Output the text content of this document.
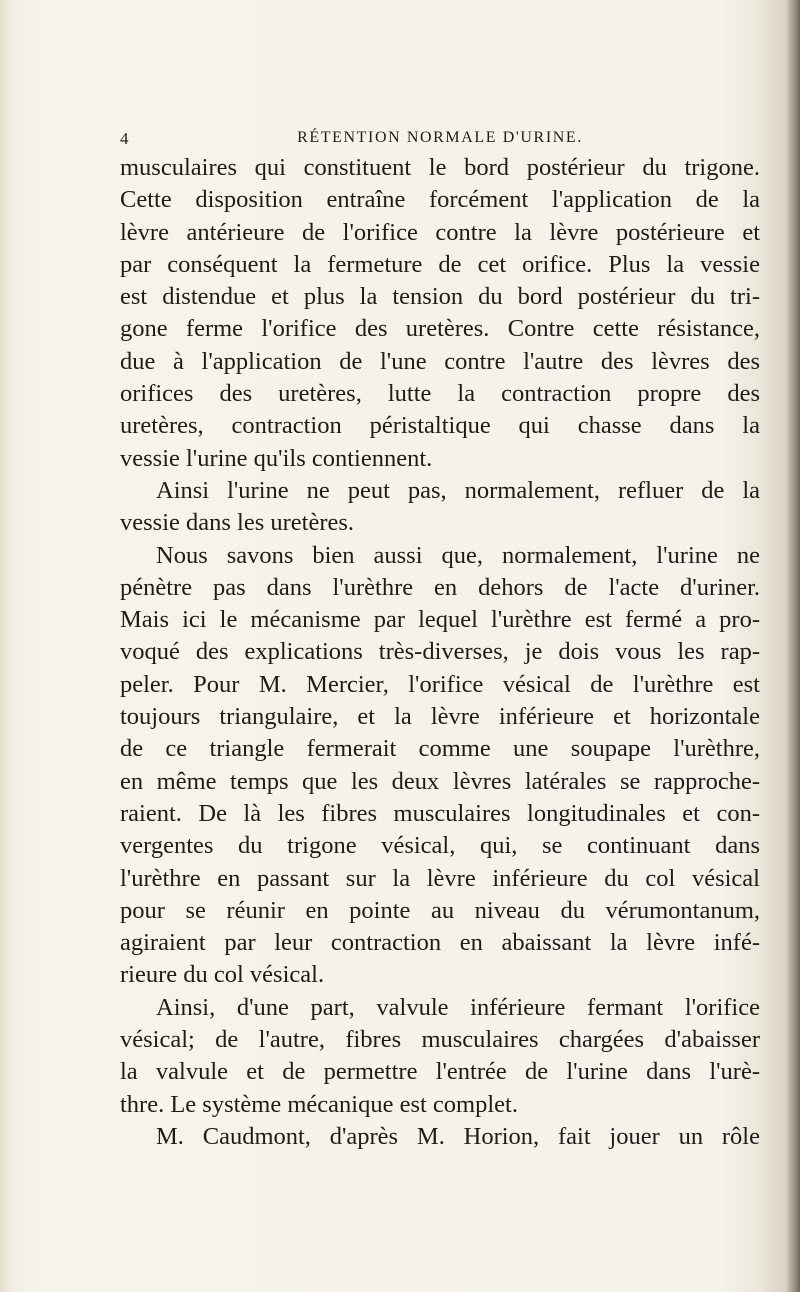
4	RÉTENTION NORMALE D'URINE.
musculaires qui constituent le bord postérieur du trigone.
Cette disposition entraîne forcément l'application de la
lèvre antérieure de l'orifice contre la lèvre postérieure et
par conséquent la fermeture de cet orifice. Plus la vessie
est distendue et plus la tension du bord postérieur du tri-
gone ferme l'orifice des uretères. Contre cette résistance,
due à l'application de l'une contre l'autre des lèvres des
orifices des uretères, lutte la contraction propre des
uretères, contraction péristaltique qui chasse dans la
vessie l'urine qu'ils contiennent.
Ainsi l'urine ne peut pas, normalement, refluer de la
vessie dans les uretères.
Nous savons bien aussi que, normalement, l'urine ne
pénètre pas dans l'urèthre en dehors de l'acte d'uriner.
Mais ici le mécanisme par lequel l'urèthre est fermé a pro-
voqué des explications très-diverses, je dois vous les rap-
peler. Pour M. Mercier, l'orifice vésical de l'urèthre est
toujours triangulaire, et la lèvre inférieure et horizontale
de ce triangle fermerait comme une soupape l'urèthre,
en même temps que les deux lèvres latérales se rapproche-
raient. De là les fibres musculaires longitudinales et con-
vergentes du trigone vésical, qui, se continuant dans
l'urèthre en passant sur la lèvre inférieure du col vésical
pour se réunir en pointe au niveau du vérumontanum,
agiraient par leur contraction en abaissant la lèvre infé-
rieure du col vésical.
Ainsi, d'une part, valvule inférieure fermant l'orifice
vésical; de l'autre, fibres musculaires chargées d'abaisser
la valvule et de permettre l'entrée de l'urine dans l'urè-
thre. Le système mécanique est complet.
M. Caudmont, d'après M. Horion, fait jouer un rôle
